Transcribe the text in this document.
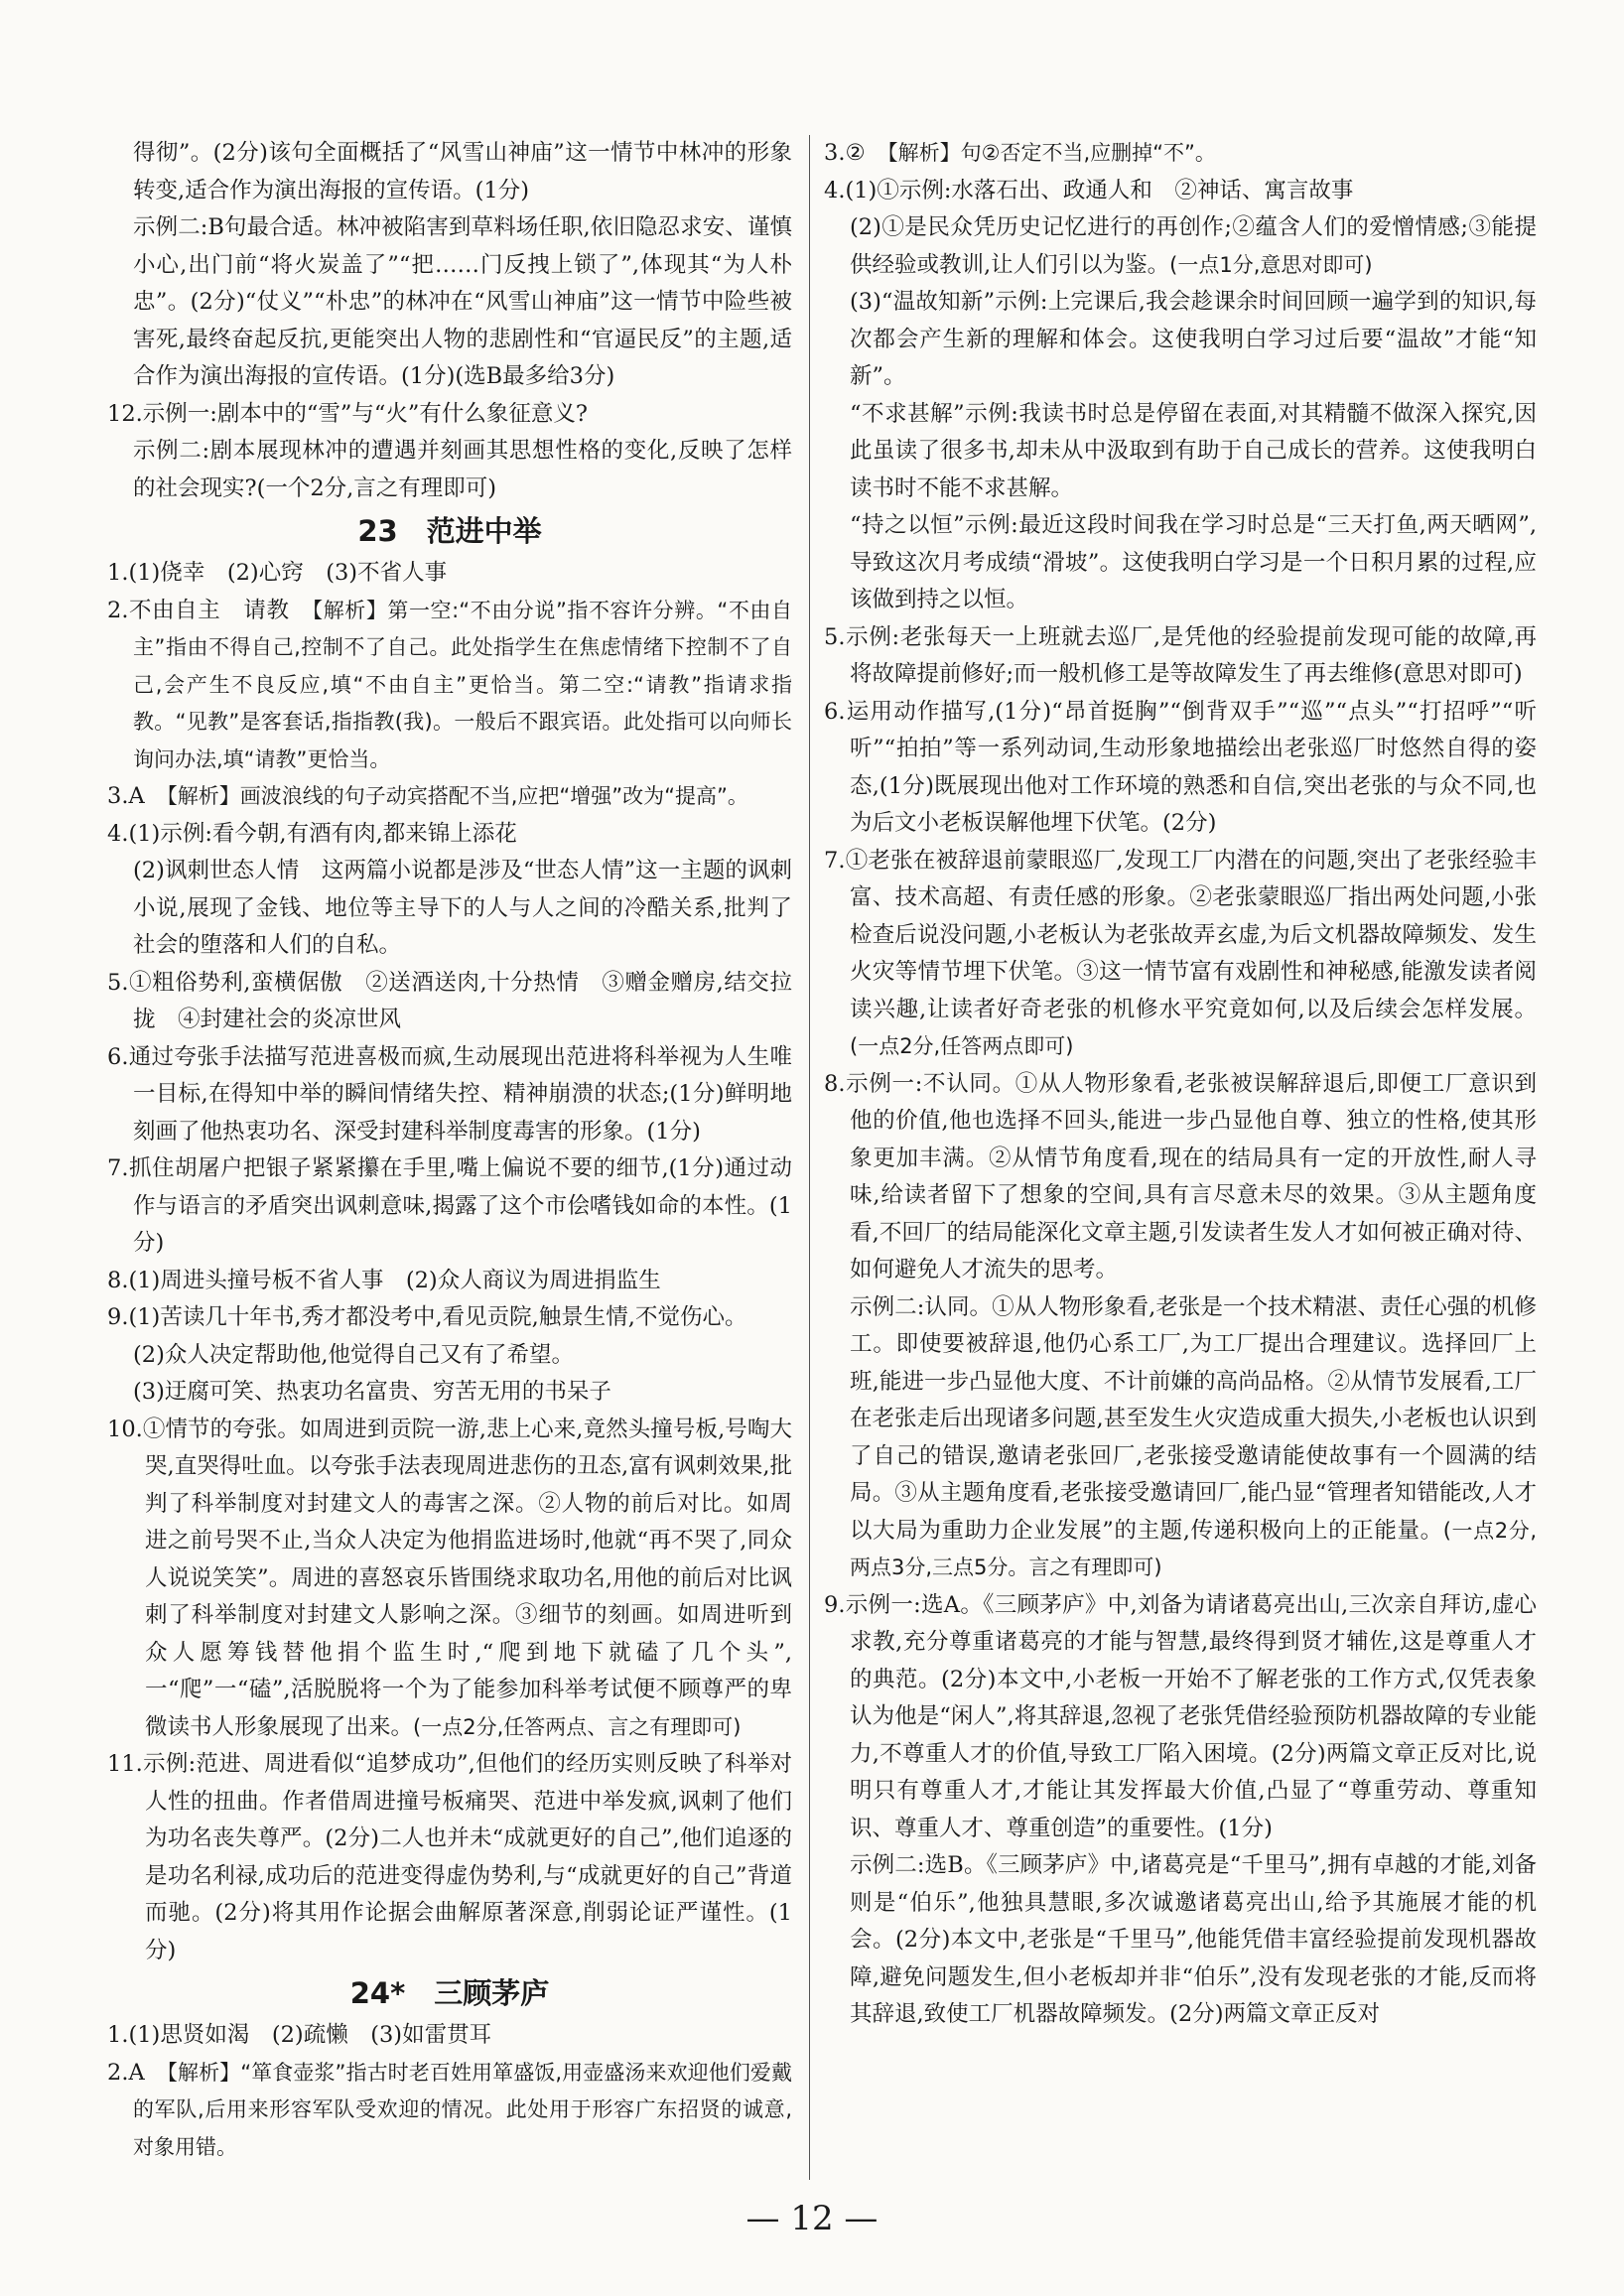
得彻”。(2分)该句全面概括了“风雪山神庙”这一情节中林冲的形象转变,适合作为演出海报的宣传语。(1分)

示例二:B句最合适。林冲被陷害到草料场任职,依旧隐忍求安、谨慎小心,出门前“将火炭盖了”“把……门反拽上锁了”,体现其“为人朴忠”。(2分)“仗义”“朴忠”的林冲在“风雪山神庙”这一情节中险些被害死,最终奋起反抗,更能突出人物的悲剧性和“官逼民反”的主题,适合作为演出海报的宣传语。(1分)(选B最多给3分)

12.示例一:剧本中的“雪”与“火”有什么象征意义?

示例二:剧本展现林冲的遭遇并刻画其思想性格的变化,反映了怎样的社会现实?(一个2分,言之有理即可)

23　范进中举

1.(1)侥幸　(2)心窍　(3)不省人事

2.不由自主　请教　【解析】第一空:“不由分说”指不容许分辨。“不由自主”指由不得自己,控制不了自己。此处指学生在焦虑情绪下控制不了自己,会产生不良反应,填“不由自主”更恰当。第二空:“请教”指请求指教。“见教”是客套话,指指教(我)。一般后不跟宾语。此处指可以向师长询问办法,填“请教”更恰当。

3.A　【解析】画波浪线的句子动宾搭配不当,应把“增强”改为“提高”。

4.(1)示例:看今朝,有酒有肉,都来锦上添花

(2)讽刺世态人情　这两篇小说都是涉及“世态人情”这一主题的讽刺小说,展现了金钱、地位等主导下的人与人之间的冷酷关系,批判了社会的堕落和人们的自私。

5.①粗俗势利,蛮横倨傲　②送酒送肉,十分热情　③赠金赠房,结交拉拢　④封建社会的炎凉世风

6.通过夸张手法描写范进喜极而疯,生动展现出范进将科举视为人生唯一目标,在得知中举的瞬间情绪失控、精神崩溃的状态;(1分)鲜明地刻画了他热衷功名、深受封建科举制度毒害的形象。(1分)

7.抓住胡屠户把银子紧紧攥在手里,嘴上偏说不要的细节,(1分)通过动作与语言的矛盾突出讽刺意味,揭露了这个市侩嗜钱如命的本性。(1分)

8.(1)周进头撞号板不省人事　(2)众人商议为周进捐监生

9.(1)苦读几十年书,秀才都没考中,看见贡院,触景生情,不觉伤心。

(2)众人决定帮助他,他觉得自己又有了希望。

(3)迂腐可笑、热衷功名富贵、穷苦无用的书呆子

10.①情节的夸张。如周进到贡院一游,悲上心来,竟然头撞号板,号啕大哭,直哭得吐血。以夸张手法表现周进悲伤的丑态,富有讽刺效果,批判了科举制度对封建文人的毒害之深。②人物的前后对比。如周进之前号哭不止,当众人决定为他捐监进场时,他就“再不哭了,同众人说说笑笑”。周进的喜怒哀乐皆围绕求取功名,用他的前后对比讽刺了科举制度对封建文人影响之深。③细节的刻画。如周进听到众人愿筹钱替他捐个监生时,“爬到地下就磕了几个头”,一“爬”一“磕”,活脱脱将一个为了能参加科举考试便不顾尊严的卑微读书人形象展现了出来。(一点2分,任答两点、言之有理即可)

11.示例:范进、周进看似“追梦成功”,但他们的经历实则反映了科举对人性的扭曲。作者借周进撞号板痛哭、范进中举发疯,讽刺了他们为功名丧失尊严。(2分)二人也并未“成就更好的自己”,他们追逐的是功名利禄,成功后的范进变得虚伪势利,与“成就更好的自己”背道而驰。(2分)将其用作论据会曲解原著深意,削弱论证严谨性。(1分)

24*　三顾茅庐

1.(1)思贤如渴　(2)疏懒　(3)如雷贯耳

2.A　【解析】“箪食壶浆”指古时老百姓用箪盛饭,用壶盛汤来欢迎他们爱戴的军队,后用来形容军队受欢迎的情况。此处用于形容广东招贤的诚意,对象用错。

3.②　【解析】句②否定不当,应删掉“不”。

4.(1)①示例:水落石出、政通人和　②神话、寓言故事

(2)①是民众凭历史记忆进行的再创作;②蕴含人们的爱憎情感;③能提供经验或教训,让人们引以为鉴。(一点1分,意思对即可)

(3)“温故知新”示例:上完课后,我会趁课余时间回顾一遍学到的知识,每次都会产生新的理解和体会。这使我明白学习过后要“温故”才能“知新”。

“不求甚解”示例:我读书时总是停留在表面,对其精髓不做深入探究,因此虽读了很多书,却未从中汲取到有助于自己成长的营养。这使我明白读书时不能不求甚解。

“持之以恒”示例:最近这段时间我在学习时总是“三天打鱼,两天晒网”,导致这次月考成绩“滑坡”。这使我明白学习是一个日积月累的过程,应该做到持之以恒。

5.示例:老张每天一上班就去巡厂,是凭他的经验提前发现可能的故障,再将故障提前修好;而一般机修工是等故障发生了再去维修(意思对即可)

6.运用动作描写,(1分)“昂首挺胸”“倒背双手”“巡”“点头”“打招呼”“听听”“拍拍”等一系列动词,生动形象地描绘出老张巡厂时悠然自得的姿态,(1分)既展现出他对工作环境的熟悉和自信,突出老张的与众不同,也为后文小老板误解他埋下伏笔。(2分)

7.①老张在被辞退前蒙眼巡厂,发现工厂内潜在的问题,突出了老张经验丰富、技术高超、有责任感的形象。②老张蒙眼巡厂指出两处问题,小张检查后说没问题,小老板认为老张故弄玄虚,为后文机器故障频发、发生火灾等情节埋下伏笔。③这一情节富有戏剧性和神秘感,能激发读者阅读兴趣,让读者好奇老张的机修水平究竟如何,以及后续会怎样发展。(一点2分,任答两点即可)

8.示例一:不认同。①从人物形象看,老张被误解辞退后,即便工厂意识到他的价值,他也选择不回头,能进一步凸显他自尊、独立的性格,使其形象更加丰满。②从情节角度看,现在的结局具有一定的开放性,耐人寻味,给读者留下了想象的空间,具有言尽意未尽的效果。③从主题角度看,不回厂的结局能深化文章主题,引发读者生发人才如何被正确对待、如何避免人才流失的思考。

示例二:认同。①从人物形象看,老张是一个技术精湛、责任心强的机修工。即使要被辞退,他仍心系工厂,为工厂提出合理建议。选择回厂上班,能进一步凸显他大度、不计前嫌的高尚品格。②从情节发展看,工厂在老张走后出现诸多问题,甚至发生火灾造成重大损失,小老板也认识到了自己的错误,邀请老张回厂,老张接受邀请能使故事有一个圆满的结局。③从主题角度看,老张接受邀请回厂,能凸显“管理者知错能改,人才以大局为重助力企业发展”的主题,传递积极向上的正能量。(一点2分,两点3分,三点5分。言之有理即可)

9.示例一:选A。《三顾茅庐》中,刘备为请诸葛亮出山,三次亲自拜访,虚心求教,充分尊重诸葛亮的才能与智慧,最终得到贤才辅佐,这是尊重人才的典范。(2分)本文中,小老板一开始不了解老张的工作方式,仅凭表象认为他是“闲人”,将其辞退,忽视了老张凭借经验预防机器故障的专业能力,不尊重人才的价值,导致工厂陷入困境。(2分)两篇文章正反对比,说明只有尊重人才,才能让其发挥最大价值,凸显了“尊重劳动、尊重知识、尊重人才、尊重创造”的重要性。(1分)

示例二:选B。《三顾茅庐》中,诸葛亮是“千里马”,拥有卓越的才能,刘备则是“伯乐”,他独具慧眼,多次诚邀诸葛亮出山,给予其施展才能的机会。(2分)本文中,老张是“千里马”,他能凭借丰富经验提前发现机器故障,避免问题发生,但小老板却并非“伯乐”,没有发现老张的才能,反而将其辞退,致使工厂机器故障频发。(2分)两篇文章正反对

— 12 —
